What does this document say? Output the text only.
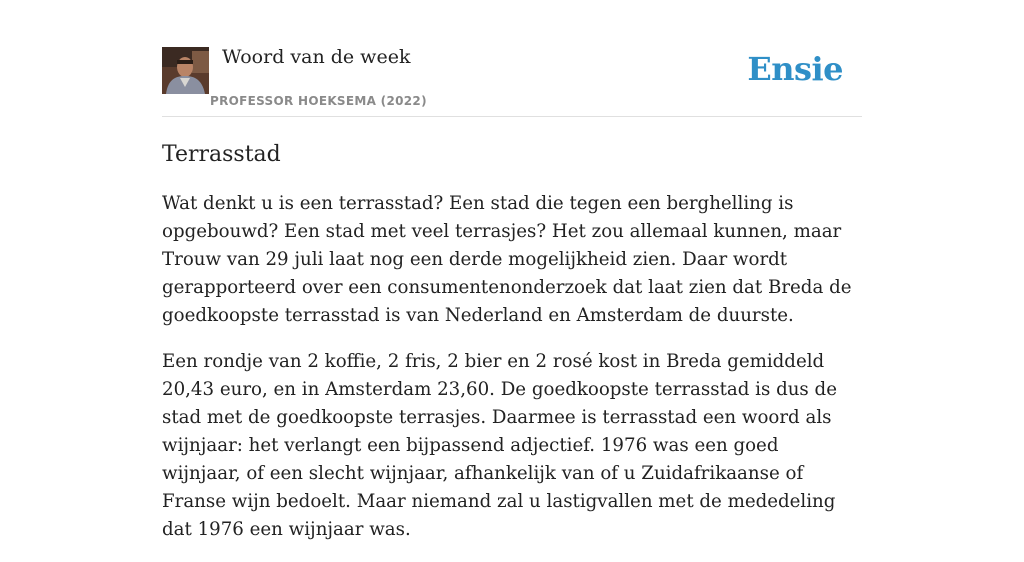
Woord van de week
PROFESSOR HOEKSEMA (2022)
Ensie
Terrasstad

Wat denkt u is een terrasstad? Een stad die tegen een berghelling is opgebouwd? Een stad met veel terrasjes? Het zou allemaal kunnen, maar Trouw van 29 juli laat nog een derde mogelijkheid zien. Daar wordt gerapporteerd over een consumentenonderzoek dat laat zien dat Breda de goedkoopste terrasstad is van Nederland en Amsterdam de duurste.

Een rondje van 2 koffie, 2 fris, 2 bier en 2 rosé kost in Breda gemiddeld 20,43 euro, en in Amsterdam 23,60. De goedkoopste terrasstad is dus de stad met de goedkoopste terrasjes. Daarmee is terrasstad een woord als wijnjaar: het verlangt een bijpassend adjectief. 1976 was een goed wijnjaar, of een slecht wijnjaar, afhankelijk van of u Zuidafrikaanse of Franse wijn bedoelt. Maar niemand zal u lastigvallen met de mededeling dat 1976 een wijnjaar was.
